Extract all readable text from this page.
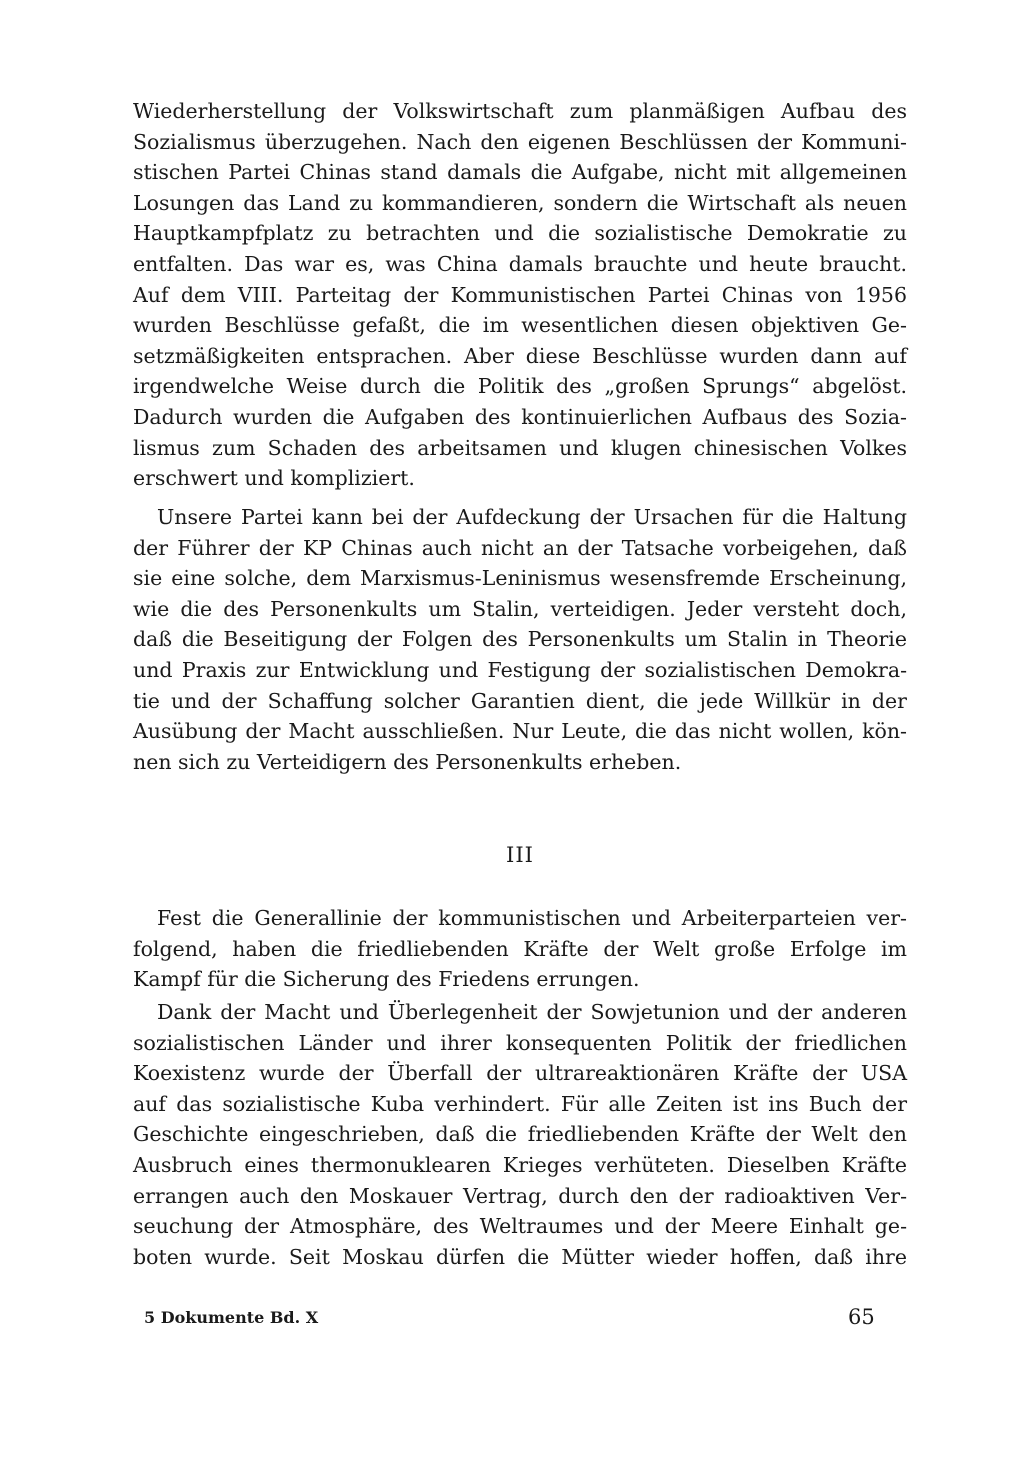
Wiederherstellung der Volkswirtschaft zum planmäßigen Aufbau des
Sozialismus überzugehen. Nach den eigenen Beschlüssen der Kommuni-
stischen Partei Chinas stand damals die Aufgabe, nicht mit allgemeinen
Losungen das Land zu kommandieren, sondern die Wirtschaft als neuen
Hauptkampfplatz zu betrachten und die sozialistische Demokratie zu
entfalten. Das war es, was China damals brauchte und heute braucht.
Auf dem VIII. Parteitag der Kommunistischen Partei Chinas von 1956
wurden Beschlüsse gefaßt, die im wesentlichen diesen objektiven Ge-
setzmäßigkeiten entsprachen. Aber diese Beschlüsse wurden dann auf
irgendwelche Weise durch die Politik des „großen Sprungs“ abgelöst.
Dadurch wurden die Aufgaben des kontinuierlichen Aufbaus des Sozia-
lismus zum Schaden des arbeitsamen und klugen chinesischen Volkes
erschwert und kompliziert.
Unsere Partei kann bei der Aufdeckung der Ursachen für die Haltung
der Führer der KP Chinas auch nicht an der Tatsache vorbeigehen, daß
sie eine solche, dem Marxismus-Leninismus wesensfremde Erscheinung,
wie die des Personenkults um Stalin, verteidigen. Jeder versteht doch,
daß die Beseitigung der Folgen des Personenkults um Stalin in Theorie
und Praxis zur Entwicklung und Festigung der sozialistischen Demokra-
tie und der Schaffung solcher Garantien dient, die jede Willkür in der
Ausübung der Macht ausschließen. Nur Leute, die das nicht wollen, kön-
nen sich zu Verteidigern des Personenkults erheben.
III
Fest die Generallinie der kommunistischen und Arbeiterparteien ver-
folgend, haben die friedliebenden Kräfte der Welt große Erfolge im
Kampf für die Sicherung des Friedens errungen.
Dank der Macht und Überlegenheit der Sowjetunion und der anderen
sozialistischen Länder und ihrer konsequenten Politik der friedlichen
Koexistenz wurde der Überfall der ultrareaktionären Kräfte der USA
auf das sozialistische Kuba verhindert. Für alle Zeiten ist ins Buch der
Geschichte eingeschrieben, daß die friedliebenden Kräfte der Welt den
Ausbruch eines thermonuklearen Krieges verhüteten. Dieselben Kräfte
errangen auch den Moskauer Vertrag, durch den der radioaktiven Ver-
seuchung der Atmosphäre, des Weltraumes und der Meere Einhalt ge-
boten wurde. Seit Moskau dürfen die Mütter wieder hoffen, daß ihre
5 Dokumente Bd. X	65
